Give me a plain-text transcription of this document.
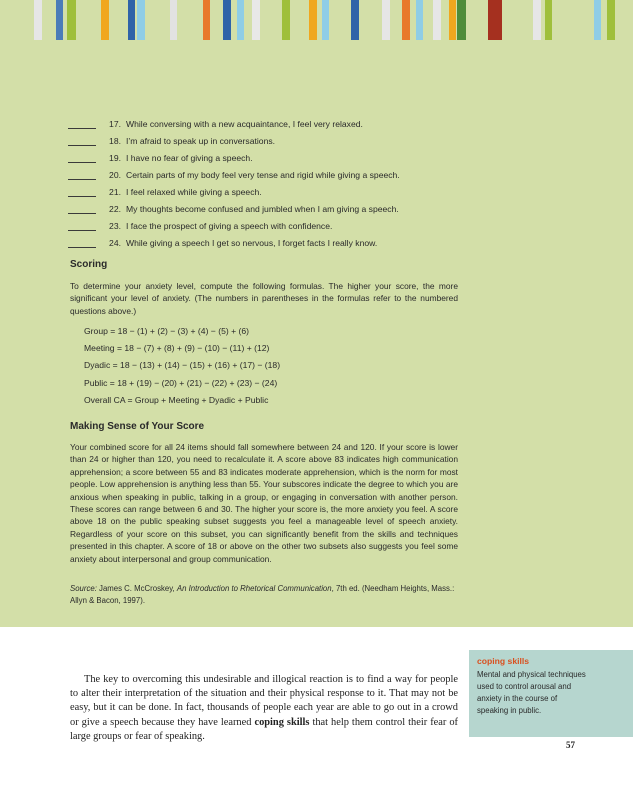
17. While conversing with a new acquaintance, I feel very relaxed.
18. I’m afraid to speak up in conversations.
19. I have no fear of giving a speech.
20. Certain parts of my body feel very tense and rigid while giving a speech.
21. I feel relaxed while giving a speech.
22. My thoughts become confused and jumbled when I am giving a speech.
23. I face the prospect of giving a speech with confidence.
24. While giving a speech I get so nervous, I forget facts I really know.
Scoring

To determine your anxiety level, compute the following formulas. The higher your score, the more significant your level of anxiety. (The numbers in parentheses in the formulas refer to the numbered questions above.)

Group = 18 − (1) + (2) − (3) + (4) − (5) + (6)
Meeting = 18 − (7) + (8) + (9) − (10) − (11) + (12)
Dyadic = 18 − (13) + (14) − (15) + (16) + (17) − (18)
Public = 18 + (19) − (20) + (21) − (22) + (23) − (24)
Overall CA = Group + Meeting + Dyadic + Public
Making Sense of Your Score

Your combined score for all 24 items should fall somewhere between 24 and 120. If your score is lower than 24 or higher than 120, you need to recalculate it. A score above 83 indicates high communication apprehension; a score between 55 and 83 indicates moderate apprehension, which is the norm for most people. Low apprehension is anything less than 55. Your subscores indicate the degree to which you are anxious when speaking in public, talking in a group, or engaging in conversation with another person. These scores can range between 6 and 30. The higher your score is, the more anxiety you feel. A score above 18 on the public speaking subset suggests you feel a manageable level of speech anxiety. Regardless of your score on this subset, you can significantly benefit from the skills and techniques presented in this chapter. A score of 18 or above on the other two subsets also suggests you feel some anxiety about interpersonal and group communication.

Source: James C. McCroskey, An Introduction to Rhetorical Communication, 7th ed. (Needham Heights, Mass.: Allyn & Bacon, 1997).

The key to overcoming this undesirable and illogical reaction is to find a way for people to alter their interpretation of the situation and their physical response to it. That may not be easy, but it can be done. In fact, thousands of people each year are able to go out in a crowd or give a speech because they have learned coping skills that help them control their fear of large groups or fear of speaking.

coping skills
Mental and physical techniques used to control arousal and anxiety in the course of speaking in public.
57
